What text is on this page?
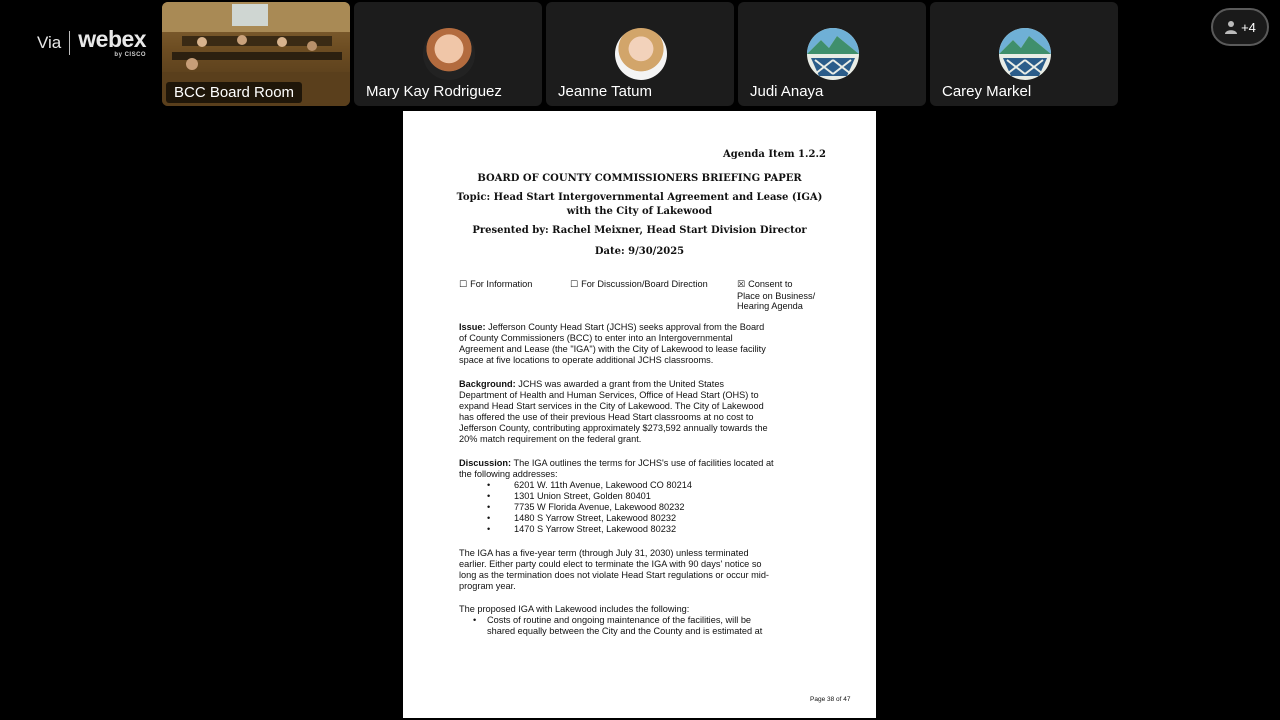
Via webex
by CISCO
BCC Board Room	Mary Kay Rodriguez	Jeanne Tatum	Judi Anaya	Carey Markel
+4
Agenda Item 1.2.2
BOARD OF COUNTY COMMISSIONERS BRIEFING PAPER
Topic: Head Start Intergovernmental Agreement and Lease (IGA)
with the City of Lakewood
Presented by: Rachel Meixner, Head Start Division Director
Date: 9/30/2025
☐ For Information	☐ For Discussion/Board Direction	☒ Consent to
Place on Business/
Hearing Agenda
Issue: Jefferson County Head Start (JCHS) seeks approval from the Board
of County Commissioners (BCC) to enter into an Intergovernmental
Agreement and Lease (the "IGA") with the City of Lakewood to lease facility
space at five locations to operate additional JCHS classrooms.
Background: JCHS was awarded a grant from the United States
Department of Health and Human Services, Office of Head Start (OHS) to
expand Head Start services in the City of Lakewood. The City of Lakewood
has offered the use of their previous Head Start classrooms at no cost to
Jefferson County, contributing approximately $273,592 annually towards the
20% match requirement on the federal grant.
Discussion: The IGA outlines the terms for JCHS's use of facilities located at
the following addresses:
•	6201 W. 11th Avenue, Lakewood CO 80214
•	1301 Union Street, Golden 80401
•	7735 W Florida Avenue, Lakewood 80232
•	1480 S Yarrow Street, Lakewood 80232
•	1470 S Yarrow Street, Lakewood 80232
The IGA has a five-year term (through July 31, 2030) unless terminated
earlier. Either party could elect to terminate the IGA with 90 days' notice so
long as the termination does not violate Head Start regulations or occur mid-
program year.
The proposed IGA with Lakewood includes the following:
• Costs of routine and ongoing maintenance of the facilities, will be
shared equally between the City and the County and is estimated at
Page 38 of 47
